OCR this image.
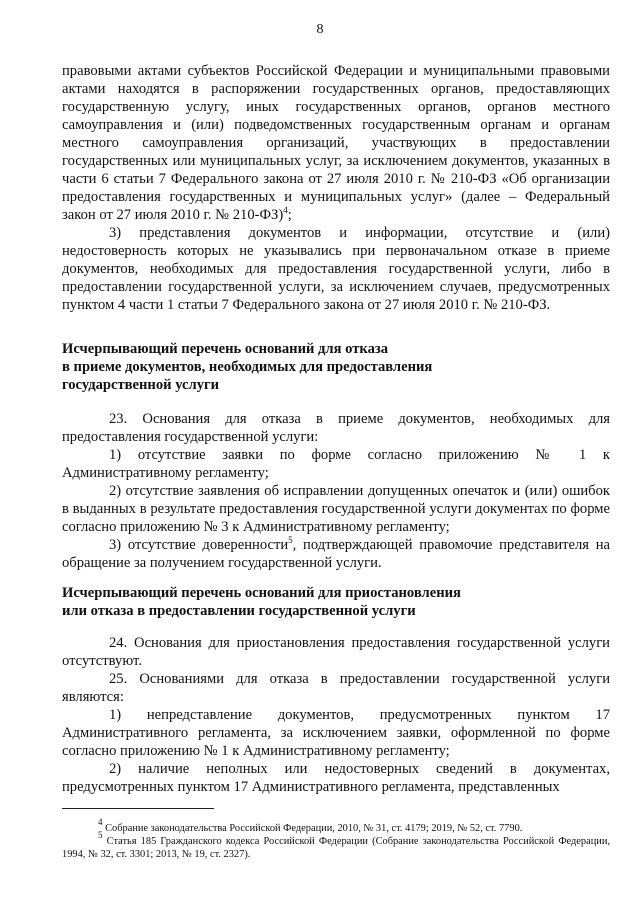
8

правовыми актами субъектов Российской Федерации и муниципальными правовыми актами находятся в распоряжении государственных органов, предоставляющих государственную услугу, иных государственных органов, органов местного самоуправления и (или) подведомственных государственным органам и органам местного самоуправления организаций, участвующих в предоставлении государственных или муниципальных услуг, за исключением документов, указанных в части 6 статьи 7 Федерального закона от 27 июля 2010 г. № 210-ФЗ «Об организации предоставления государственных и муниципальных услуг» (далее – Федеральный закон от 27 июля 2010 г. № 210-ФЗ)$^4$;

3) представления документов и информации, отсутствие и (или) недостоверность которых не указывались при первоначальном отказе в приеме документов, необходимых для предоставления государственной услуги, либо в предоставлении государственной услуги, за исключением случаев, предусмотренных пунктом 4 части 1 статьи 7 Федерального закона от 27 июля 2010 г. № 210-ФЗ.

Исчерпывающий перечень оснований для отказа

в приеме документов, необходимых для предоставления

государственной услуги

23. Основания для отказа в приеме документов, необходимых для предоставления государственной услуги:

1) отсутствие заявки по форме согласно приложению № 1 к Административному регламенту;

2) отсутствие заявления об исправлении допущенных опечаток и (или) ошибок в выданных в результате предоставления государственной услуги документах по форме согласно приложению № 3 к Административному регламенту;

3) отсутствие доверенности$^5$, подтверждающей правомочие представителя на обращение за получением государственной услуги.

Исчерпывающий перечень оснований для приостановления

или отказа в предоставлении государственной услуги

24. Основания для приостановления предоставления государственной услуги отсутствуют.

25. Основаниями для отказа в предоставлении государственной услуги являются:

1) непредставление документов, предусмотренных пунктом 17 Административного регламента, за исключением заявки, оформленной по форме согласно приложению № 1 к Административному регламенту;

2) наличие неполных или недостоверных сведений в документах, предусмотренных пунктом 17 Административного регламента, представленных

$^4$ Собрание законодательства Российской Федерации, 2010, № 31, ст. 4179; 2019, № 52, ст. 7790.

$^5$ Статья 185 Гражданского кодекса Российской Федерации (Собрание законодательства Российской Федерации, 1994, № 32, ст. 3301; 2013, № 19, ст. 2327).
